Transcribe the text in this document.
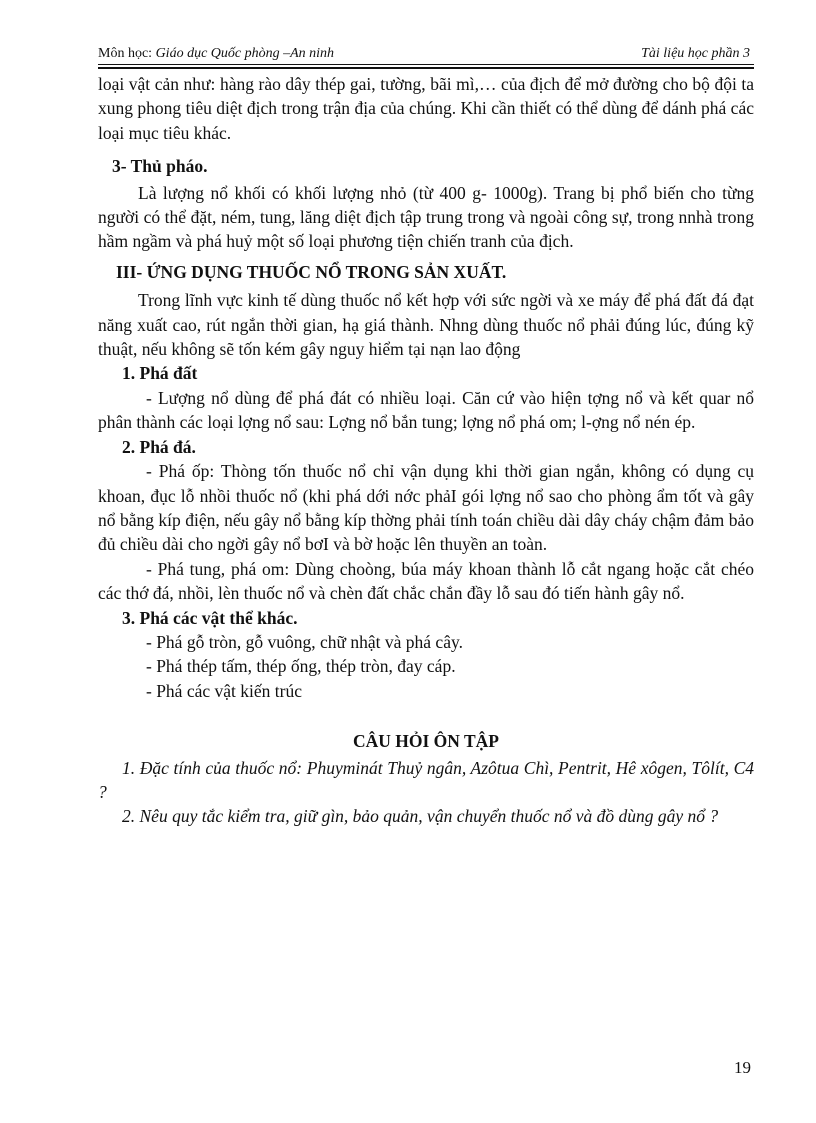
Môn học: Giáo dục Quốc phòng –An ninh	Tài liệu học phần 3

loại vật cản như: hàng rào dây thép gai, tường, bãi mì,… của địch để mở đường cho bộ đội ta xung phong tiêu diệt địch trong trận địa của chúng. Khi cần thiết có thể dùng để dánh phá các loại mục tiêu khác.

3- Thủ pháo.

Là lượng nổ khối có khối lượng nhỏ (từ 400 g- 1000g). Trang bị phổ biến cho từng người có thể đặt, ném, tung, lăng diệt địch tập trung trong và ngoài công sự, trong nnhà trong hầm ngầm và phá huỷ một số loại phương tiện chiến tranh của địch.

III- ỨNG DỤNG THUỐC NỔ TRONG SẢN XUẤT.

Trong lĩnh vực kinh tế dùng thuốc nổ kết hợp với sức ngời và xe máy để phá đất đá đạt năng xuất cao, rút ngắn thời gian, hạ giá thành. Nhng dùng thuốc nổ phải đúng lúc, đúng kỹ thuật, nếu không sẽ tốn kém gây nguy hiểm tại nạn lao động

1. Phá đất

- Lượng nổ dùng để phá đát có nhiều loại. Căn cứ vào hiện tợng nổ và kết quar nổ phân thành các loại lợng nổ sau: Lợng nổ bắn tung; lợng nổ phá om; l-ợng nổ nén ép.

2. Phá đá.

- Phá ốp: Thòng tốn thuốc nổ chỉ vận dụng khi thời gian ngắn, không có dụng cụ khoan, đục lỗ nhồi thuốc nổ (khi phá dới nớc phảI gói lợng nổ sao cho phòng ẩm tốt và gây nổ bằng kíp điện, nếu gây nổ bằng kíp thờng phải tính toán chiều dài dây cháy chậm đảm bảo đủ chiều dài cho ngời gây nổ bơI và bờ hoặc lên thuyền an toàn.

- Phá tung, phá om: Dùng choòng, búa máy khoan thành lỗ cắt ngang hoặc cắt chéo các thớ đá, nhồi, lèn thuốc nổ và chèn đất chắc chắn đầy lỗ sau đó tiến hành gây nổ.

3. Phá các vật thể khác.

- Phá gỗ tròn, gỗ vuông, chữ nhật và phá cây.

- Phá thép tấm, thép ống, thép tròn, đay cáp.

- Phá các vật kiến trúc

CÂU HỎI ÔN TẬP

1. Đặc tính của thuốc nổ: Phuyminát Thuỷ ngân, Azôtua Chì, Pentrit, Hê xôgen, Tôlít, C4 ?

2. Nêu quy tắc kiểm tra, giữ gìn, bảo quản, vận chuyển thuốc nổ và đồ dùng gây nổ ?

19
